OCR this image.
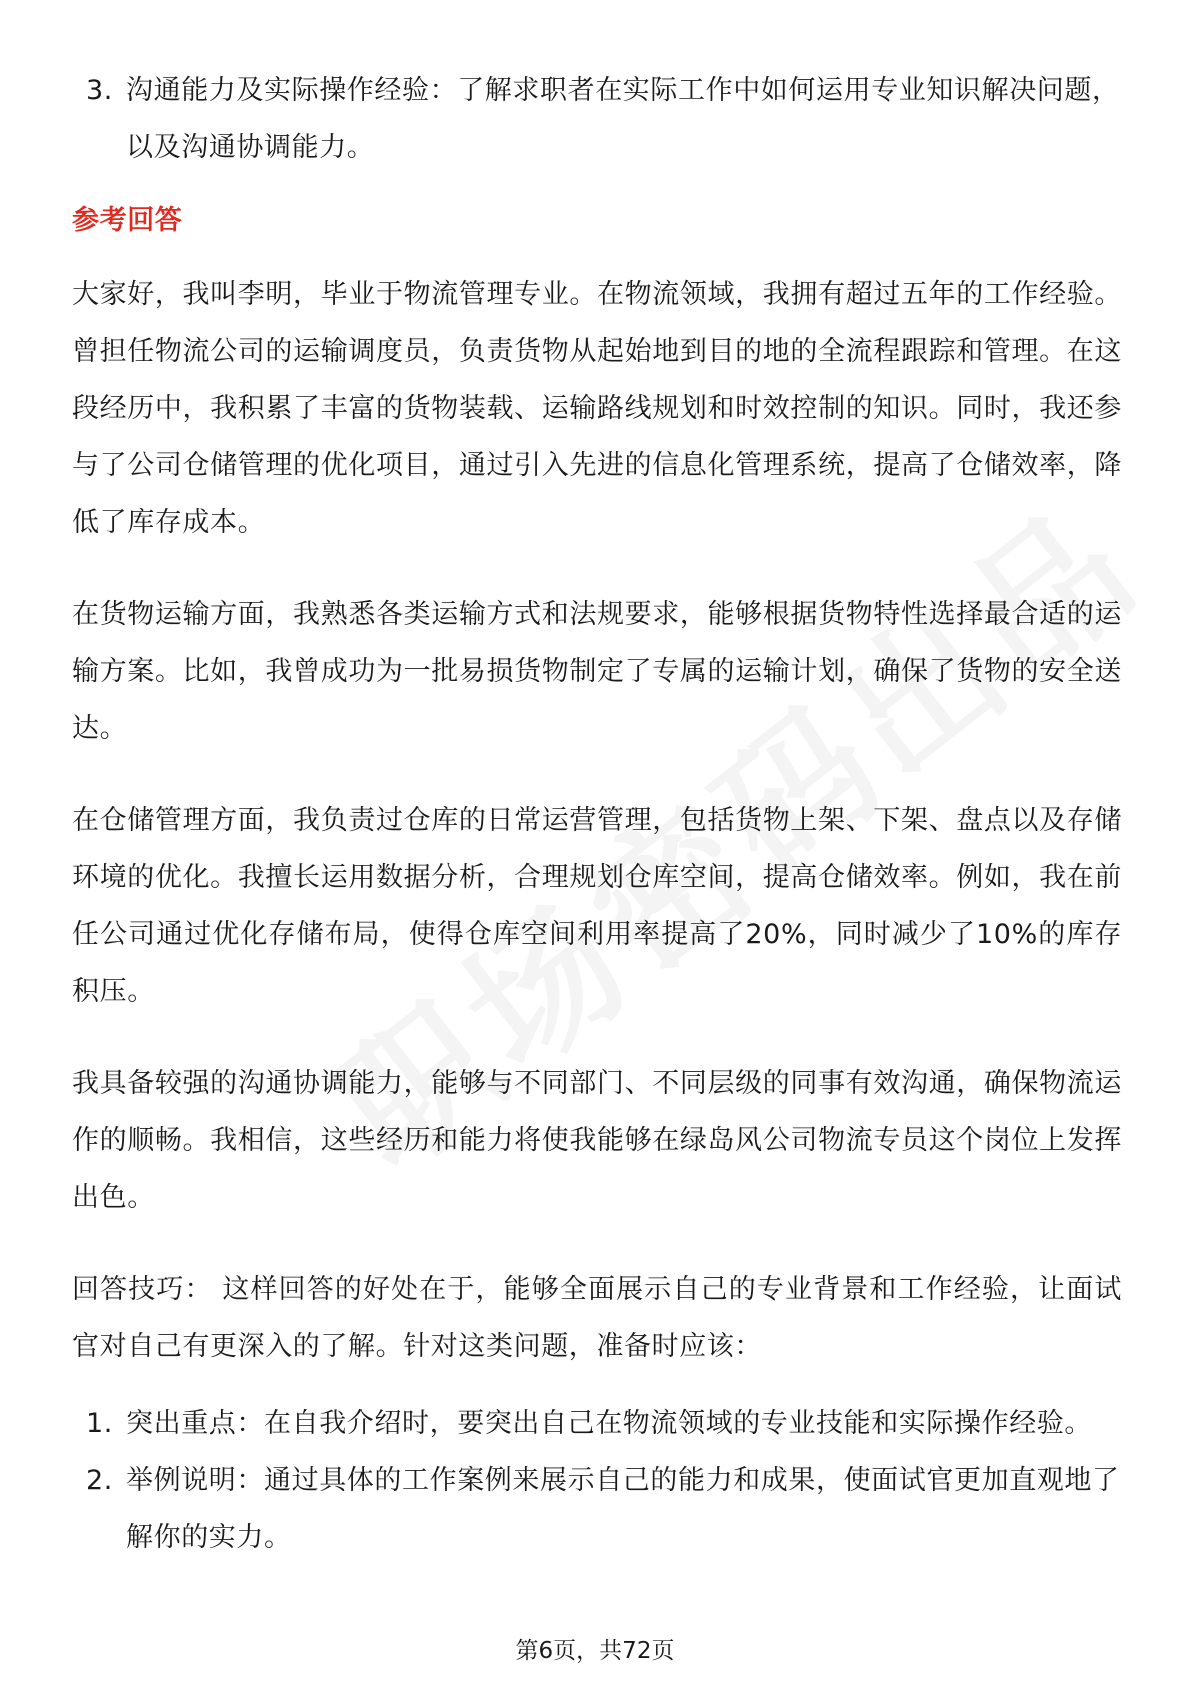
3. 沟通能力及实际操作经验：了解求职者在实际工作中如何运用专业知识解决问题，以及沟通协调能力。
参考回答

大家好，我叫李明，毕业于物流管理专业。在物流领域，我拥有超过五年的工作经验。曾担任物流公司的运输调度员，负责货物从起始地到目的地的全流程跟踪和管理。在这段经历中，我积累了丰富的货物装载、运输路线规划和时效控制的知识。同时，我还参与了公司仓储管理的优化项目，通过引入先进的信息化管理系统，提高了仓储效率，降低了库存成本。

在货物运输方面，我熟悉各类运输方式和法规要求，能够根据货物特性选择最合适的运输方案。比如，我曾成功为一批易损货物制定了专属的运输计划，确保了货物的安全送达。

在仓储管理方面，我负责过仓库的日常运营管理，包括货物上架、下架、盘点以及存储环境的优化。我擅长运用数据分析，合理规划仓库空间，提高仓储效率。例如，我在前任公司通过优化存储布局，使得仓库空间利用率提高了20%，同时减少了10%的库存积压。

我具备较强的沟通协调能力，能够与不同部门、不同层级的同事有效沟通，确保物流运作的顺畅。我相信，这些经历和能力将使我能够在绿岛风公司物流专员这个岗位上发挥出色。

回答技巧： 这样回答的好处在于，能够全面展示自己的专业背景和工作经验，让面试官对自己有更深入的了解。针对这类问题，准备时应该：

1. 突出重点：在自我介绍时，要突出自己在物流领域的专业技能和实际操作经验。
2. 举例说明：通过具体的工作案例来展示自己的能力和成果，使面试官更加直观地了解你的实力。
第6页，共72页
